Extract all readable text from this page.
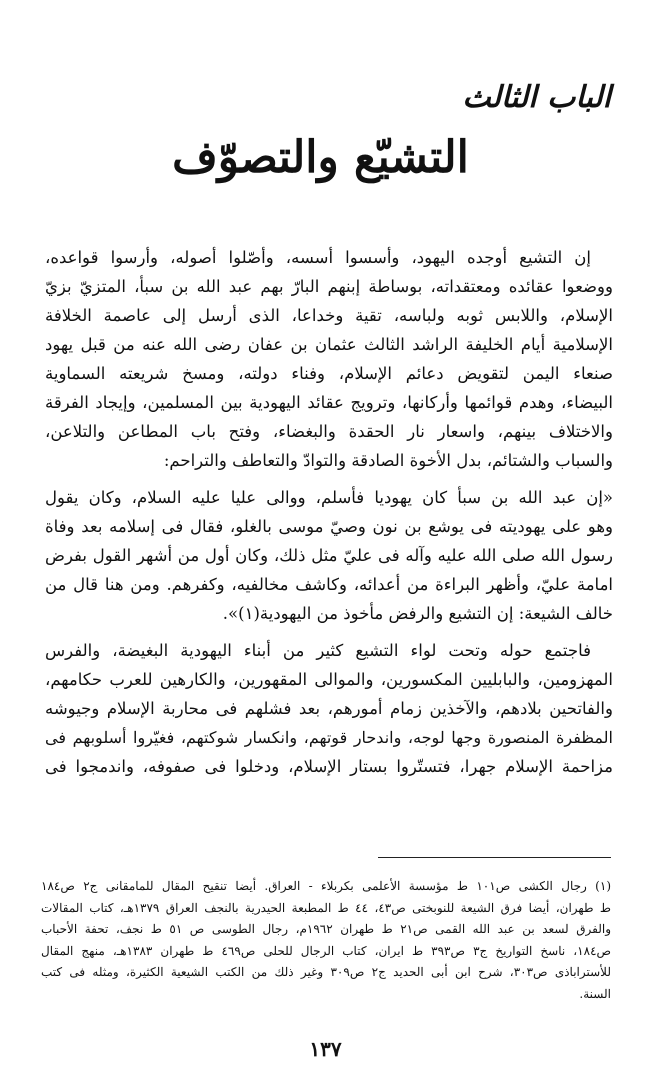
الباب الثالث
التشيّع والتصوّف

إن التشيع أوجده اليهود، وأسسوا أسسه، وأصّلوا أصوله، وأرسوا قواعده،

ووضعوا عقائده ومعتقداته، بوساطة إبنهم البارّ بهم عبد الله بن سبأ، المتزيّ بزيّ

الإسلام، واللابس ثوبه ولباسه، تقية وخداعا، الذى أرسل إلى عاصمة الخلافة

الإسلامية أيام الخليفة الراشد الثالث عثمان بن عفان رضى الله عنه من قبل يهود

صنعاء اليمن لتقويض دعائم الإسلام، وفناء دولته، ومسخ شريعته السماوية

البيضاء، وهدم قوائمها وأركانها، وترويج عقائد اليهودية بين المسلمين، وإيجاد الفرقة

والاختلاف بينهم، واسعار نار الحقدة والبغضاء، وفتح باب المطاعن والتلاعن،

والسباب والشتائم، بدل الأخوة الصادقة والتوادّ والتعاطف والتراحم:

«إن عبد الله بن سبأ كان يهوديا فأسلم، ووالى عليا عليه السلام، وكان يقول

وهو على يهوديته فى يوشع بن نون وصيّ موسى بالغلو، فقال فى إسلامه بعد وفاة

رسول الله صلى الله عليه وآله فى عليّ مثل ذلك، وكان أول من أشهر القول بفرض

امامة عليّ، وأظهر البراءة من أعدائه، وكاشف مخالفيه، وكفرهم. ومن هنا قال من

خالف الشيعة: إن التشيع والرفض مأخوذ من اليهودية(١)».

فاجتمع حوله وتحت لواء التشيع كثير من أبناء اليهودية البغيضة، والفرس

المهزومين، والبابليين المكسورين، والموالى المقهورين، والكارهين للعرب حكامهم،

والفاتحين بلادهم، والآخذين زمام أمورهم، بعد فشلهم فى محاربة الإسلام وجيوشه

المظفرة المنصورة وجها لوجه، واندحار قوتهم، وانكسار شوكتهم، فغيّروا أسلوبهم فى

مزاحمة الإسلام جهرا، فتستّروا بستار الإسلام، ودخلوا فى صفوفه، واندمجوا فى

(١) رجال الكشى ص١٠١ ط مؤسسة الأعلمى بكربلاء - العراق. أيضا تنقيح المقال للمامقانى ج٢ ص١٨٤

ط طهران، أيضا فرق الشيعة للنوبختى ص٤٣، ٤٤ ط المطبعة الحيدرية بالنجف العراق ١٣٧٩هـ، كتاب المقالات

والفرق لسعد بن عبد الله القمى ص٢١ ط طهران ١٩٦٢م، رجال الطوسى ص ٥١ ط نجف، تحفة الأحباب

ص١٨٤، ناسخ التواريخ ج٣ ص٣٩٣ ط ايران، كتاب الرجال للحلى ص٤٦٩ ط طهران ١٣٨٣هـ، منهج المقال

للأستراباذى ص٣٠٣، شرح ابن أبى الحديد ج٢ ص٣٠٩ وغير ذلك من الكتب الشيعية الكثيرة، ومثله فى كتب

السنة.

١٣٧
